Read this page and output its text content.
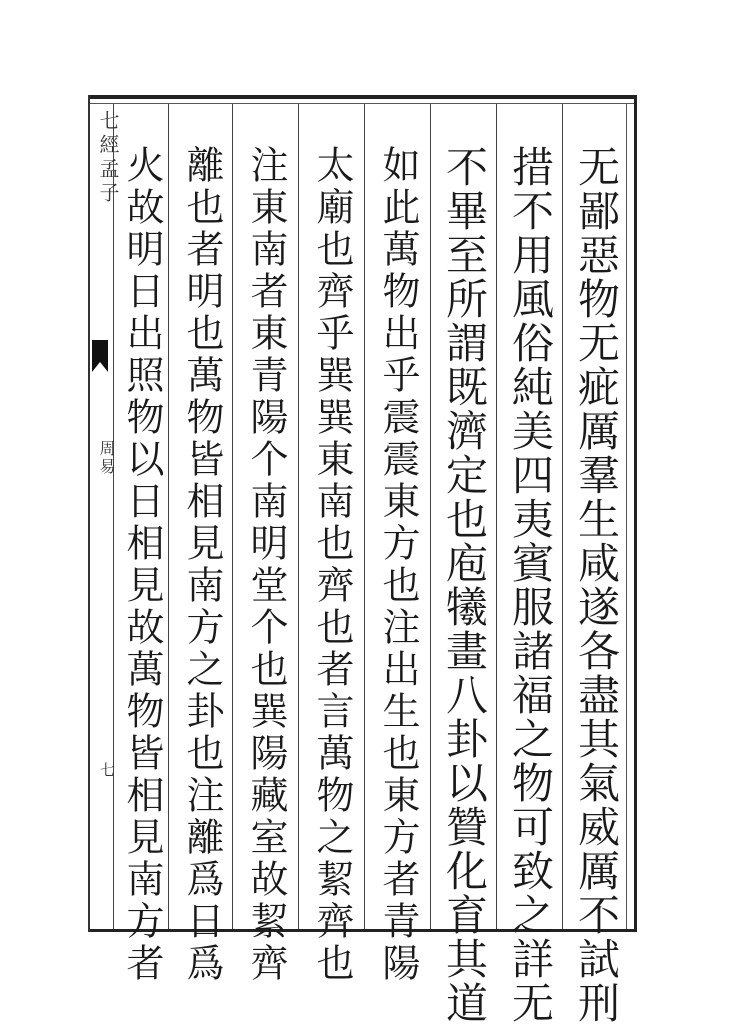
七經孟子
周易
七	无鄙惡物无疵厲羣生咸遂各盡其氣威厲不試刑
措不用風俗純美四夷賓服諸福之物可致之詳无
不畢至所謂既濟定也庖犧畫八卦以贊化育其道
如此萬物出乎震震東方也注出生也東方者青陽
太廟也齊乎巽巽東南也齊也者言萬物之絜齊也
注東南者東青陽个南明堂个也巽陽藏室故絜齊
離也者明也萬物皆相見南方之卦也注離爲日爲
火故明日出照物以日相見故萬物皆相見南方者
